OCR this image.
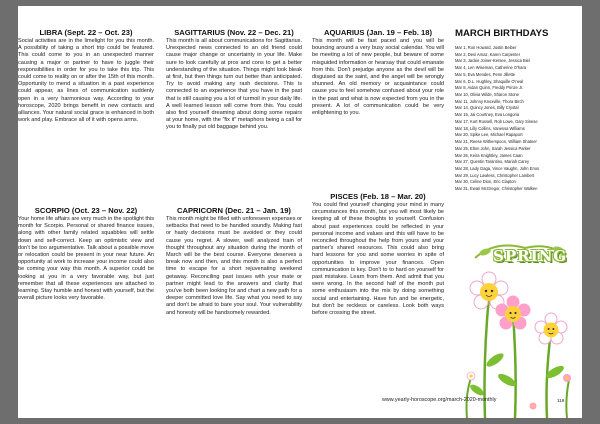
LIBRA (Sept. 22 – Oct. 23)

Social activities are in the limelight for you this month. A possibility of taking a short trip could be featured. This could come to you in an unexpected manner causing a major or partner to have to juggle their responsibilities in order for you to take this trip. This could come to reality on or after the 15th of this month. Opportunity to mend a situation in a past experience could appear, as lines of communication suddenly open in a very harmonious way. According to your horoscope, 2020 brings benefit in new contacts and alliances. Your natural social grace is enhanced in both work and play. Embrace all of it with opens arms.

SCORPIO (Oct. 23 – Nov. 22)

Your home life affairs are very much in the spotlight this month for Scorpio. Personal or shared finance issues, along with other family related squabbles will settle down and self-correct. Keep an optimistic view and don't be too argumentative. Talk about a possible move or relocation could be present in your near future. An opportunity at work to increase your income could also be coming your way this month. A superior could be looking at you in a very favorable way, but just remember that all these experiences are attached to learning. Stay humble and honest with yourself, but the overall picture looks very favorable.

SAGITTARIUS (Nov. 22 – Dec. 21)

This month is all about communications for Sagittarius. Unexpected news connected to an old friend could cause major change or uncertainty in your life. Make sure to look carefully at pros and cons to get a better understanding of the situation. Things might look bleak at first, but then things turn out better than anticipated. Try to avoid making any rash decisions. This is connected to an experience that you have in the past that is still causing you a lot of turmoil in your daily life. A well learned lesson will come from this. You could also find yourself dreaming about doing some repairs at your home, with the "fix it" metaphors being a call for you to finally put old baggage behind you.

CAPRICORN (Dec. 21 – Jan. 19)

This month might be filled with unforeseen expenses or setbacks that need to be handled soundly. Making fast or hasty decisions must be avoided or they could cause you regret. A slower, well analyzed train of thought throughout any situation during the month of March will be the best course. Everyone deserves a break now and then, and this month is also a perfect time to escape for a short rejuvenating weekend getaway. Reconciling past issues with your mate or partner might lead to the answers and clarity that you've both been looking for and chart a new path for a deeper committed love life. Say what you need to say and don't be afraid to bare your soul. Your vulnerability and honesty will be handsomely rewarded.

AQUARIUS (Jan. 19 – Feb. 18)

This month will be fast paced and you will be bouncing around a very busy social calendar. You will be meeting a lot of new people, but beware of some misguided information or hearsay that could emanate from this. Don't prejudge anyone as the devil will be disguised as the saint, and the angel will be wrongly shunned. An old memory or acquaintance could cause you to feel somehow confused about your role in the past and what is now expected from you in the present. A lot of communication could be very enlightening to you.

PISCES (Feb. 18 – Mar. 20)

You could find yourself changing your mind in many circumstances this month, but you will most likely be keeping all of these thoughts to yourself. Confusion about past experiences could be reflected in your personal income and values and this will have to be reconciled throughout the help from yours and your partner's shared resources. This could also bring hard lessons for you and some worries in spite of opportunities to improve your finances. Open communication is key. Don't to to hard on yourself for past mistakes. Learn from them. And admit that you were wrong. In the second half of the month put some enthusiasm into the mix by doing something social and entertaining. Have fun and be energetic, but don't be reckless or careless. Look both ways before crossing the street.

MARCH BIRTHDAYS
Mar 1, Ron Howard, Justin Beiber
Mar 2, Desi Arnaz, Karen Carpenter
Mar 3, Jackie Joiner-Kersee, Jessica Biel
Mar 4, Len Wiseman, Catherine O'hara
Mar 5, Eva Mendes, Penn Jillette
Mar 6, D.L. Hughley, Shaquille O'neal
Mar 8, Aidan Quinn, Freddy Prinze Jr.
Mar 10, Olivia Wilde, Sharon Stone
Mar 11, Johnny Knoxville, Thora Birch
Mar 14, Quincy Jones, Billy Crystal
Mar 15, Jai Courtney, Eva Longoria
Mar 17, Kurt Russell, Rob Lowe, Gary Sinese
Mar 18, Lilly Collins, Vanessa Williams
Mar 20, Spike Lee, Michael Rapaport
Mar 21, Reese Witherspoon, William Shatner
Mar 25, Elton John, Sarah Jessica Parker
Mar 26, Keira Knightley, James Caan
Mar 27, Quentin Tarantino, Mariah Carey
Mar 28, Lady Gaga, Vince Vaughn, John Enos
Mar 29, Lucy Lawless, Christopher Lambert
Mar 30, Celine Dion, Eric Clapton
Mar 31, Ewan McGregor, Christopher Walken
SPRING
www.yearly-horoscope.org/march-2020-monthly	119
